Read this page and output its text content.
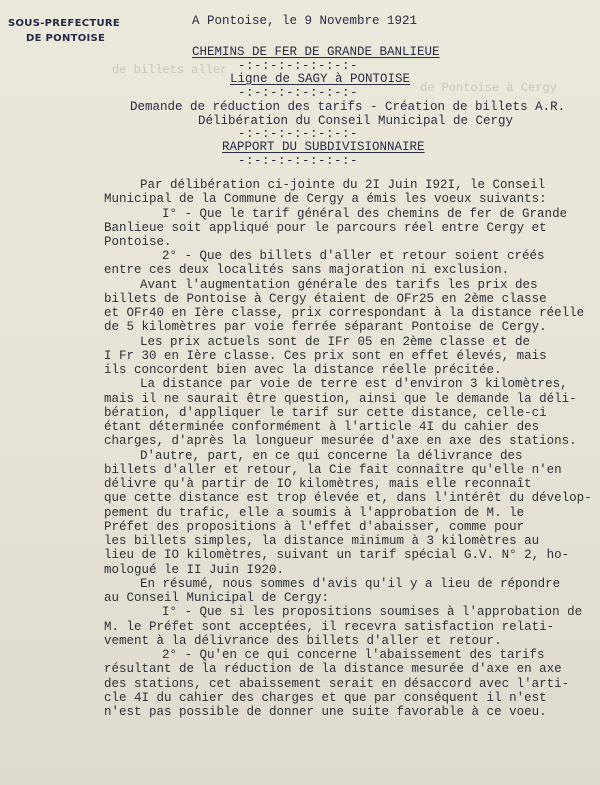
de billets aller
de Pontoise à Cergy
SOUS-PREFECTURE
DE PONTOISE
A Pontoise, le 9 Novembre 1921
CHEMINS DE FER DE GRANDE BANLIEUE
-:-:-:-:-:-:-:-
Ligne de SAGY à PONTOISE
-:-:-:-:-:-:-:-
Demande de réduction des tarifs - Création de billets A.R.
Délibération du Conseil Municipal de Cergy
-:-:-:-:-:-:-:-
RAPPORT DU SUBDIVISIONNAIRE
-:-:-:-:-:-:-:-
Par délibération ci-jointe du 2I Juin I92I, le Conseil
Municipal de la Commune de Cergy a émis les voeux suivants:
I° - Que le tarif général des chemins de fer de Grande
Banlieue soit appliqué pour le parcours réel entre Cergy et
Pontoise.
2° - Que des billets d'aller et retour soient créés
entre ces deux localités sans majoration ni exclusion.
Avant l'augmentation générale des tarifs les prix des
billets de Pontoise à Cergy étaient de OFr25 en 2ème classe
et OFr40 en Ière classe, prix correspondant à la distance réelle
de 5 kilomètres par voie ferrée séparant Pontoise de Cergy.
Les prix actuels sont de IFr 05 en 2ème classe et de
I Fr 30 en Ière classe. Ces prix sont en effet élevés, mais
ils concordent bien avec la distance réelle précitée.
La distance par voie de terre est d'environ 3 kilomètres,
mais il ne saurait être question, ainsi que le demande la déli-
bération, d'appliquer le tarif sur cette distance, celle-ci
étant déterminée conformément à l'article 4I du cahier des
charges, d'après la longueur mesurée d'axe en axe des stations.
D'autre, part, en ce qui concerne la délivrance des
billets d'aller et retour, la Cie fait connaître qu'elle n'en
délivre qu'à partir de IO kilomètres, mais elle reconnaît
que cette distance est trop élevée et, dans l'intérêt du dévelop-
pement du trafic, elle a soumis à l'approbation de M. le
Préfet des propositions à l'effet d'abaisser, comme pour
les billets simples, la distance minimum à 3 kilomètres au
lieu de IO kilomètres, suivant un tarif spécial G.V. N° 2, ho-
mologué le II Juin I920.
En résumé, nous sommes d'avis qu'il y a lieu de répondre
au Conseil Municipal de Cergy:
I° - Que si les propositions soumises à l'approbation de
M. le Préfet sont acceptées, il recevra satisfaction relati-
vement à la délivrance des billets d'aller et retour.
2° - Qu'en ce qui concerne l'abaissement des tarifs
résultant de la réduction de la distance mesurée d'axe en axe
des stations, cet abaissement serait en désaccord avec l'arti-
cle 4I du cahier des charges et que par conséquent il n'est
n'est pas possible de donner une suite favorable à ce voeu.
